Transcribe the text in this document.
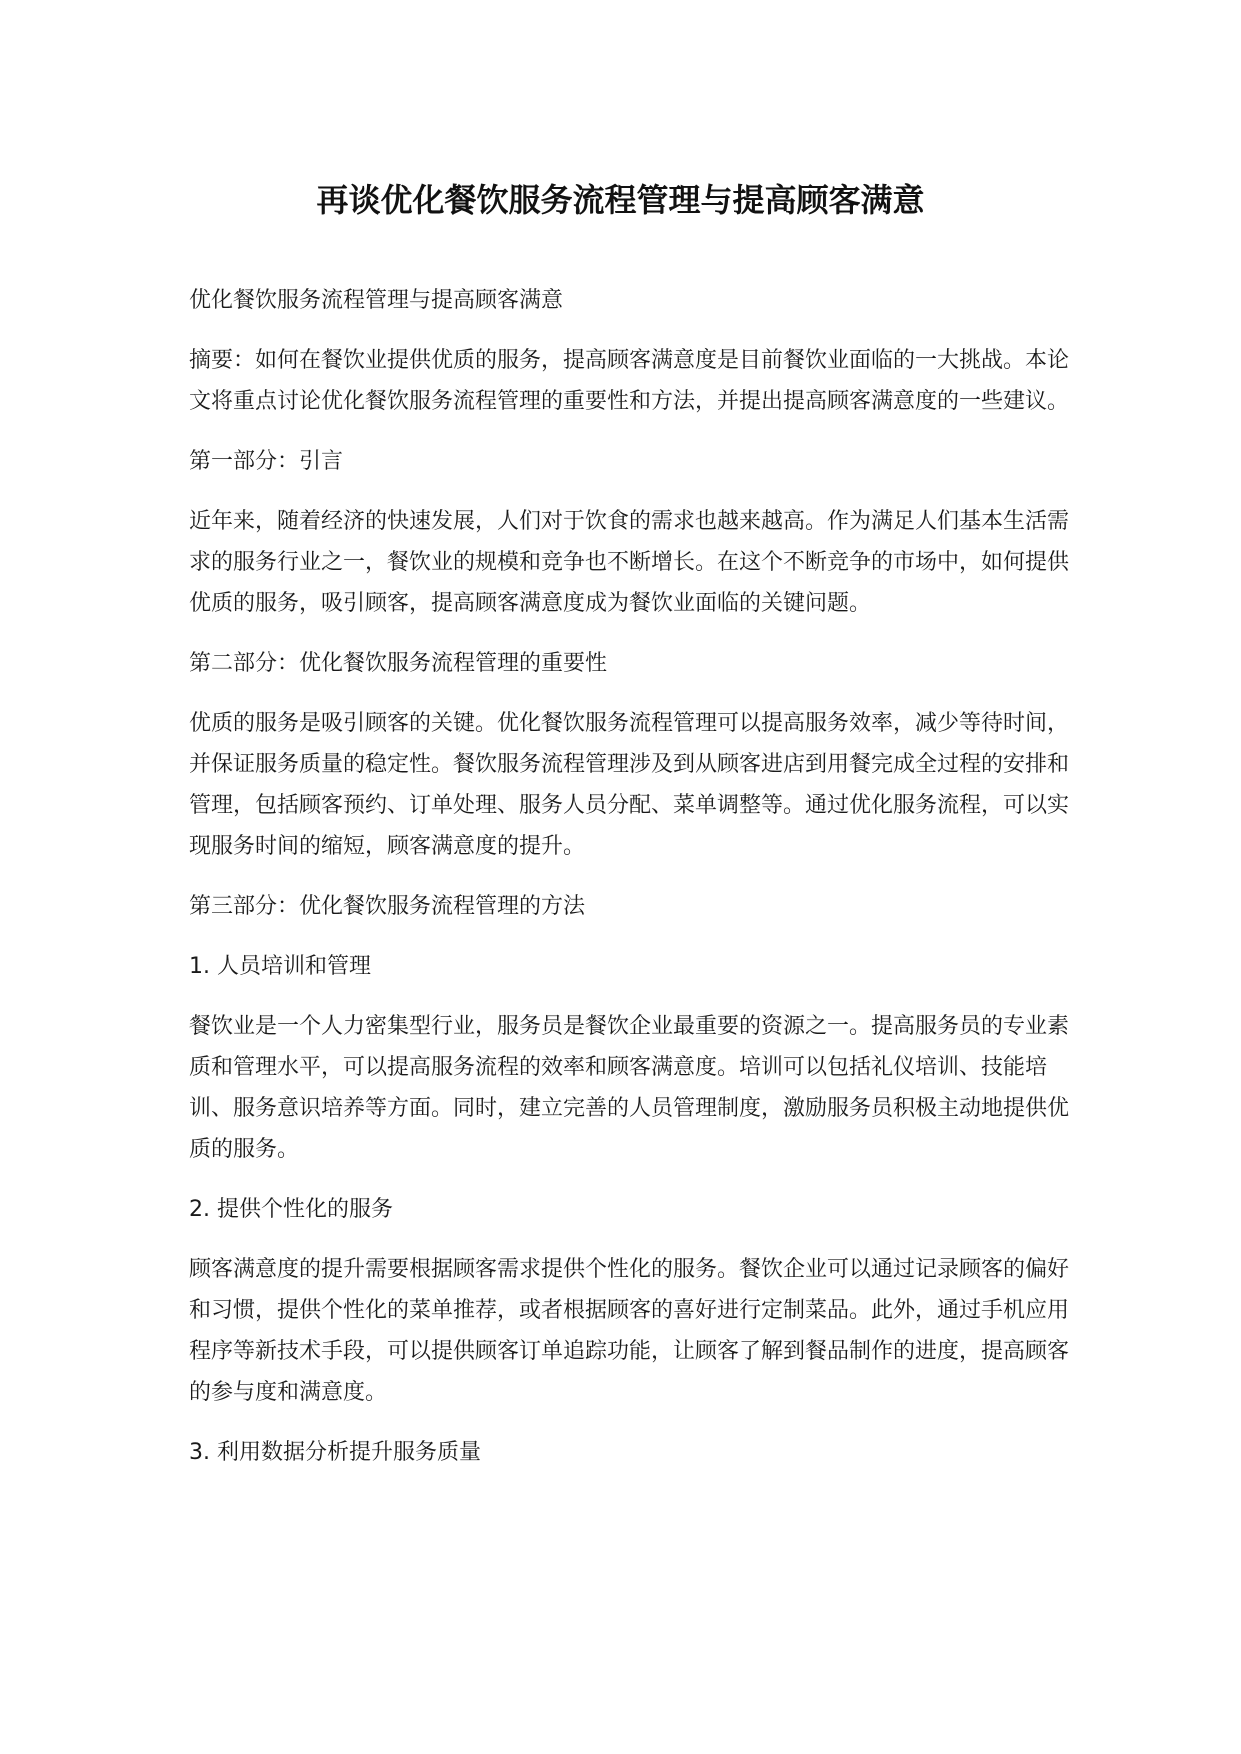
再谈优化餐饮服务流程管理与提高顾客满意

优化餐饮服务流程管理与提高顾客满意

摘要：如何在餐饮业提供优质的服务，提高顾客满意度是目前餐饮业面临的一大挑战。本论文将重点讨论优化餐饮服务流程管理的重要性和方法，并提出提高顾客满意度的一些建议。

第一部分：引言

近年来，随着经济的快速发展，人们对于饮食的需求也越来越高。作为满足人们基本生活需求的服务行业之一，餐饮业的规模和竞争也不断增长。在这个不断竞争的市场中，如何提供优质的服务，吸引顾客，提高顾客满意度成为餐饮业面临的关键问题。

第二部分：优化餐饮服务流程管理的重要性

优质的服务是吸引顾客的关键。优化餐饮服务流程管理可以提高服务效率，减少等待时间，并保证服务质量的稳定性。餐饮服务流程管理涉及到从顾客进店到用餐完成全过程的安排和管理，包括顾客预约、订单处理、服务人员分配、菜单调整等。通过优化服务流程，可以实现服务时间的缩短，顾客满意度的提升。

第三部分：优化餐饮服务流程管理的方法

1. 人员培训和管理

餐饮业是一个人力密集型行业，服务员是餐饮企业最重要的资源之一。提高服务员的专业素质和管理水平，可以提高服务流程的效率和顾客满意度。培训可以包括礼仪培训、技能培训、服务意识培养等方面。同时，建立完善的人员管理制度，激励服务员积极主动地提供优质的服务。

2. 提供个性化的服务

顾客满意度的提升需要根据顾客需求提供个性化的服务。餐饮企业可以通过记录顾客的偏好和习惯，提供个性化的菜单推荐，或者根据顾客的喜好进行定制菜品。此外，通过手机应用程序等新技术手段，可以提供顾客订单追踪功能，让顾客了解到餐品制作的进度，提高顾客的参与度和满意度。

3. 利用数据分析提升服务质量
